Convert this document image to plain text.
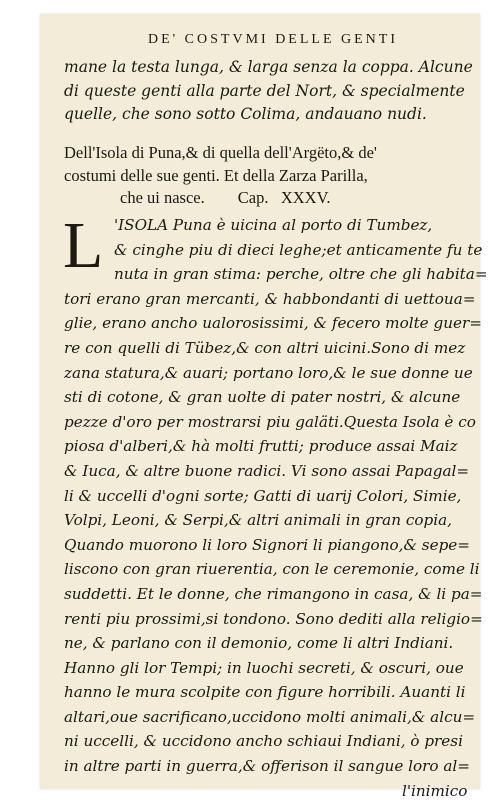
DE' COSTVMI DELLE GENTI
mane la testa lunga, & larga senza la coppa. Alcune
di queste genti alla parte del Nort, & specialmente
quelle, che sono sotto Colima, andauano nudi.
Dell'Isola di Puna,& di quella dell'Argëto,& de'
costumi delle sue genti. Et della Zarza Parilla,
che ui nasce.        Cap.   XXXV.
L 'ISOLA Puna è uicina al porto di Tumbez,
& cinghe piu di dieci leghe;et anticamente fu te
nuta in gran stima: perche, oltre che gli habita=
tori erano gran mercanti, & habbondanti di uettoua=
glie, erano ancho ualorosissimi, & fecero molte guer=
re con quelli di Tübez,& con altri uicini.Sono di mez
zana statura,& auari; portano loro,& le sue donne ue
sti di cotone, & gran uolte di pater nostri, & alcune
pezze d'oro per mostrarsi piu galäti.Questa Isola è co
piosa d'alberi,& hà molti frutti; produce assai Maiz
& Iuca, & altre buone radici. Vi sono assai Papagal=
li & uccelli d'ogni sorte; Gatti di uarij Colori, Simie,
Volpi, Leoni, & Serpi,& altri animali in gran copia,
Quando muorono li loro Signori li piangono,& sepe=
liscono con gran riuerentia, con le ceremonie, come li
suddetti. Et le donne, che rimangono in casa, & li pa=
renti piu prossimi,si tondono. Sono dediti alla religio=
ne, & parlano con il demonio, come li altri Indiani.
Hanno gli lor Tempi; in luochi secreti, & oscuri, oue
hanno le mura scolpite con figure horribili. Auanti li
altari,oue sacrificano,uccidono molti animali,& alcu=
ni uccelli, & uccidono ancho schiaui Indiani, ò presi
in altre parti in guerra,& offerison il sangue loro al=
l'inimico
